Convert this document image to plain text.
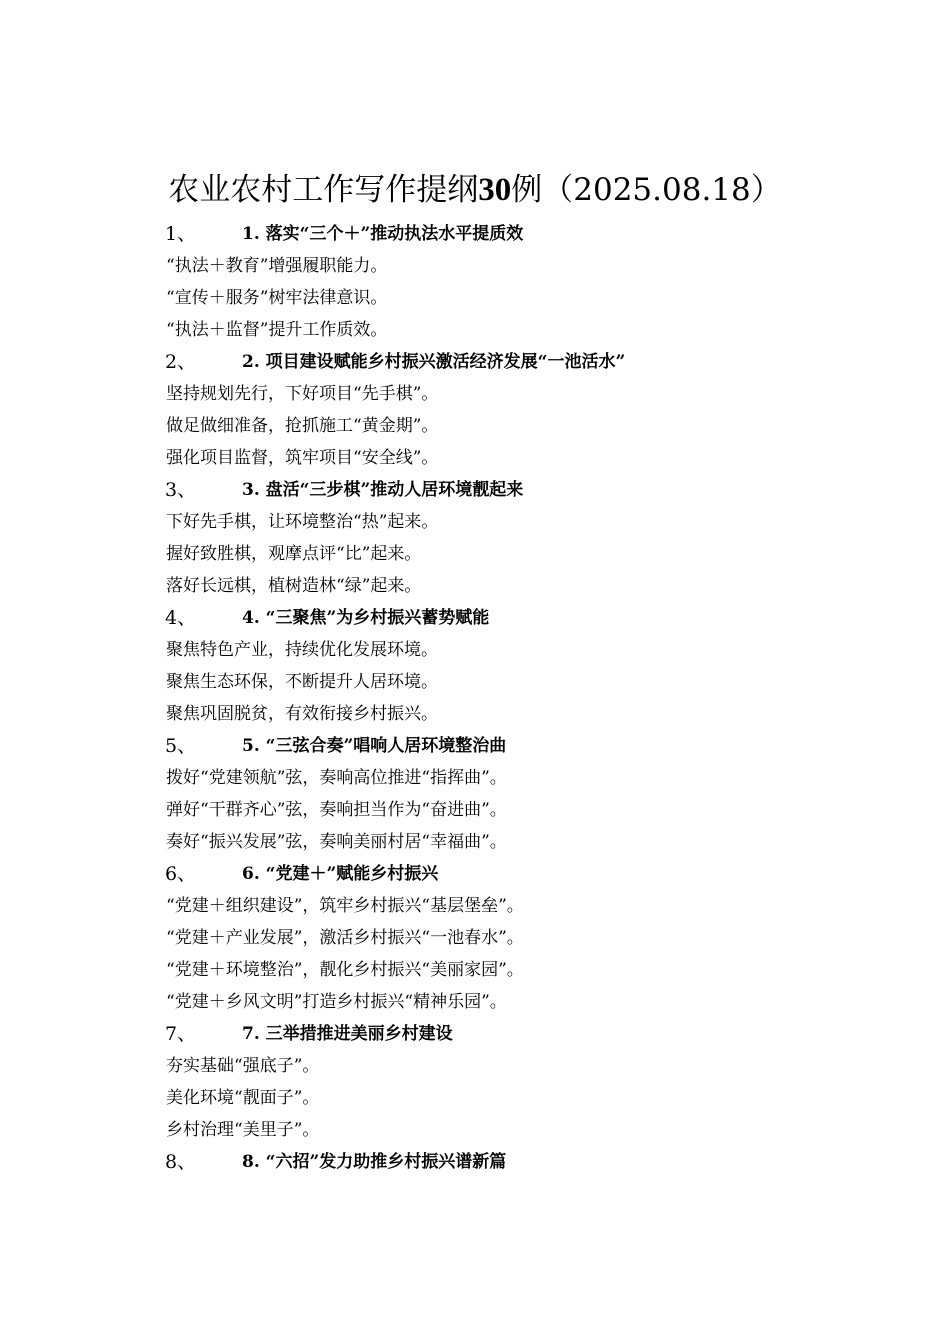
农业农村工作写作提纲30例（2025.08.18）
1、	1. 落实“三个＋”推动执法水平提质效
“执法＋教育”增强履职能力。
“宣传＋服务”树牢法律意识。
“执法＋监督”提升工作质效。
2、	2. 项目建设赋能乡村振兴激活经济发展“一池活水”
坚持规划先行，下好项目“先手棋”。
做足做细准备，抢抓施工“黄金期”。
强化项目监督，筑牢项目“安全线”。
3、	3. 盘活“三步棋”推动人居环境靓起来
下好先手棋，让环境整治“热”起来。
握好致胜棋，观摩点评“比”起来。
落好长远棋，植树造林“绿”起来。
4、	4. “三聚焦”为乡村振兴蓄势赋能
聚焦特色产业，持续优化发展环境。
聚焦生态环保，不断提升人居环境。
聚焦巩固脱贫，有效衔接乡村振兴。
5、	5. “三弦合奏”唱响人居环境整治曲
拨好“党建领航”弦，奏响高位推进“指挥曲”。
弹好“干群齐心”弦，奏响担当作为“奋进曲”。
奏好“振兴发展”弦，奏响美丽村居“幸福曲”。
6、	6. “党建＋”赋能乡村振兴
“党建＋组织建设”，筑牢乡村振兴“基层堡垒”。
“党建＋产业发展”，激活乡村振兴“一池春水”。
“党建＋环境整治”，靓化乡村振兴“美丽家园”。
“党建＋乡风文明”打造乡村振兴“精神乐园”。
7、	7. 三举措推进美丽乡村建设
夯实基础“强底子”。
美化环境“靓面子”。
乡村治理“美里子”。
8、	8. “六招”发力助推乡村振兴谱新篇
